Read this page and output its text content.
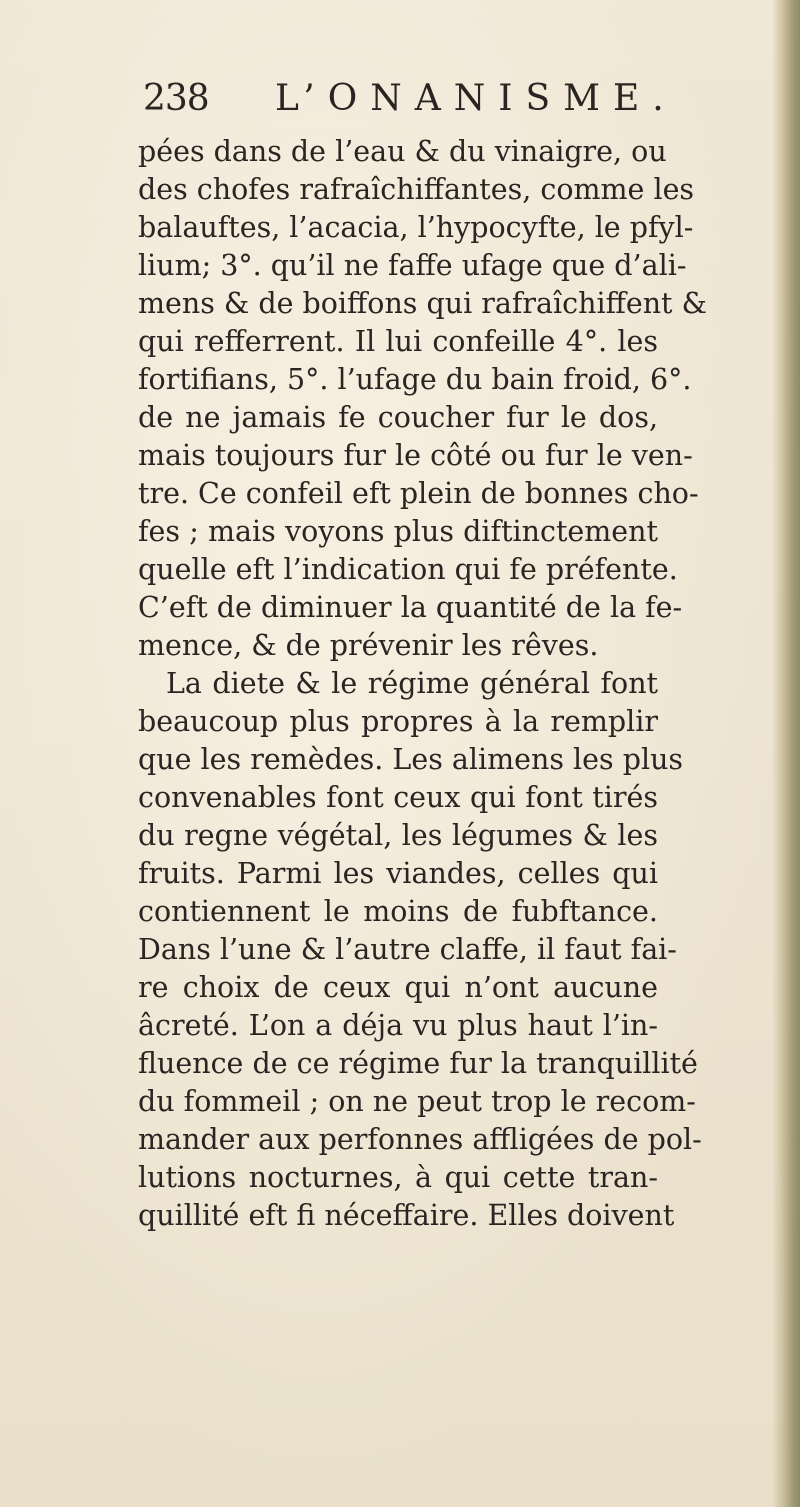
238 L’ONANISME.
pées dans de l’eau & du vinaigre, ou
des chofes rafraîchiffantes, comme les
balauftes, l’acacia, l’hypocyfte, le pfyl-
lium; 3°. qu’il ne faffe ufage que d’ali-
mens & de boiffons qui rafraîchiffent &
qui refferrent. Il lui confeille 4°. les
fortifians, 5°. l’ufage du bain froid, 6°.
de ne jamais fe coucher fur le dos,
mais toujours fur le côté ou fur le ven-
tre. Ce confeil eft plein de bonnes cho-
fes ; mais voyons plus diftinctement
quelle eft l’indication qui fe préfente.
C’eft de diminuer la quantité de la fe-
mence, & de prévenir les rêves.
La diete & le régime général font
beaucoup plus propres à la remplir
que les remèdes. Les alimens les plus
convenables font ceux qui font tirés
du regne végétal, les légumes & les
fruits. Parmi les viandes, celles qui
contiennent le moins de fubftance.
Dans l’une & l’autre claffe, il faut fai-
re choix de ceux qui n’ont aucune
âcreté. L’on a déja vu plus haut l’in-
fluence de ce régime fur la tranquillité
du fommeil ; on ne peut trop le recom-
mander aux perfonnes affligées de pol-
lutions nocturnes, à qui cette tran-
quillité eft fi néceffaire. Elles doivent
